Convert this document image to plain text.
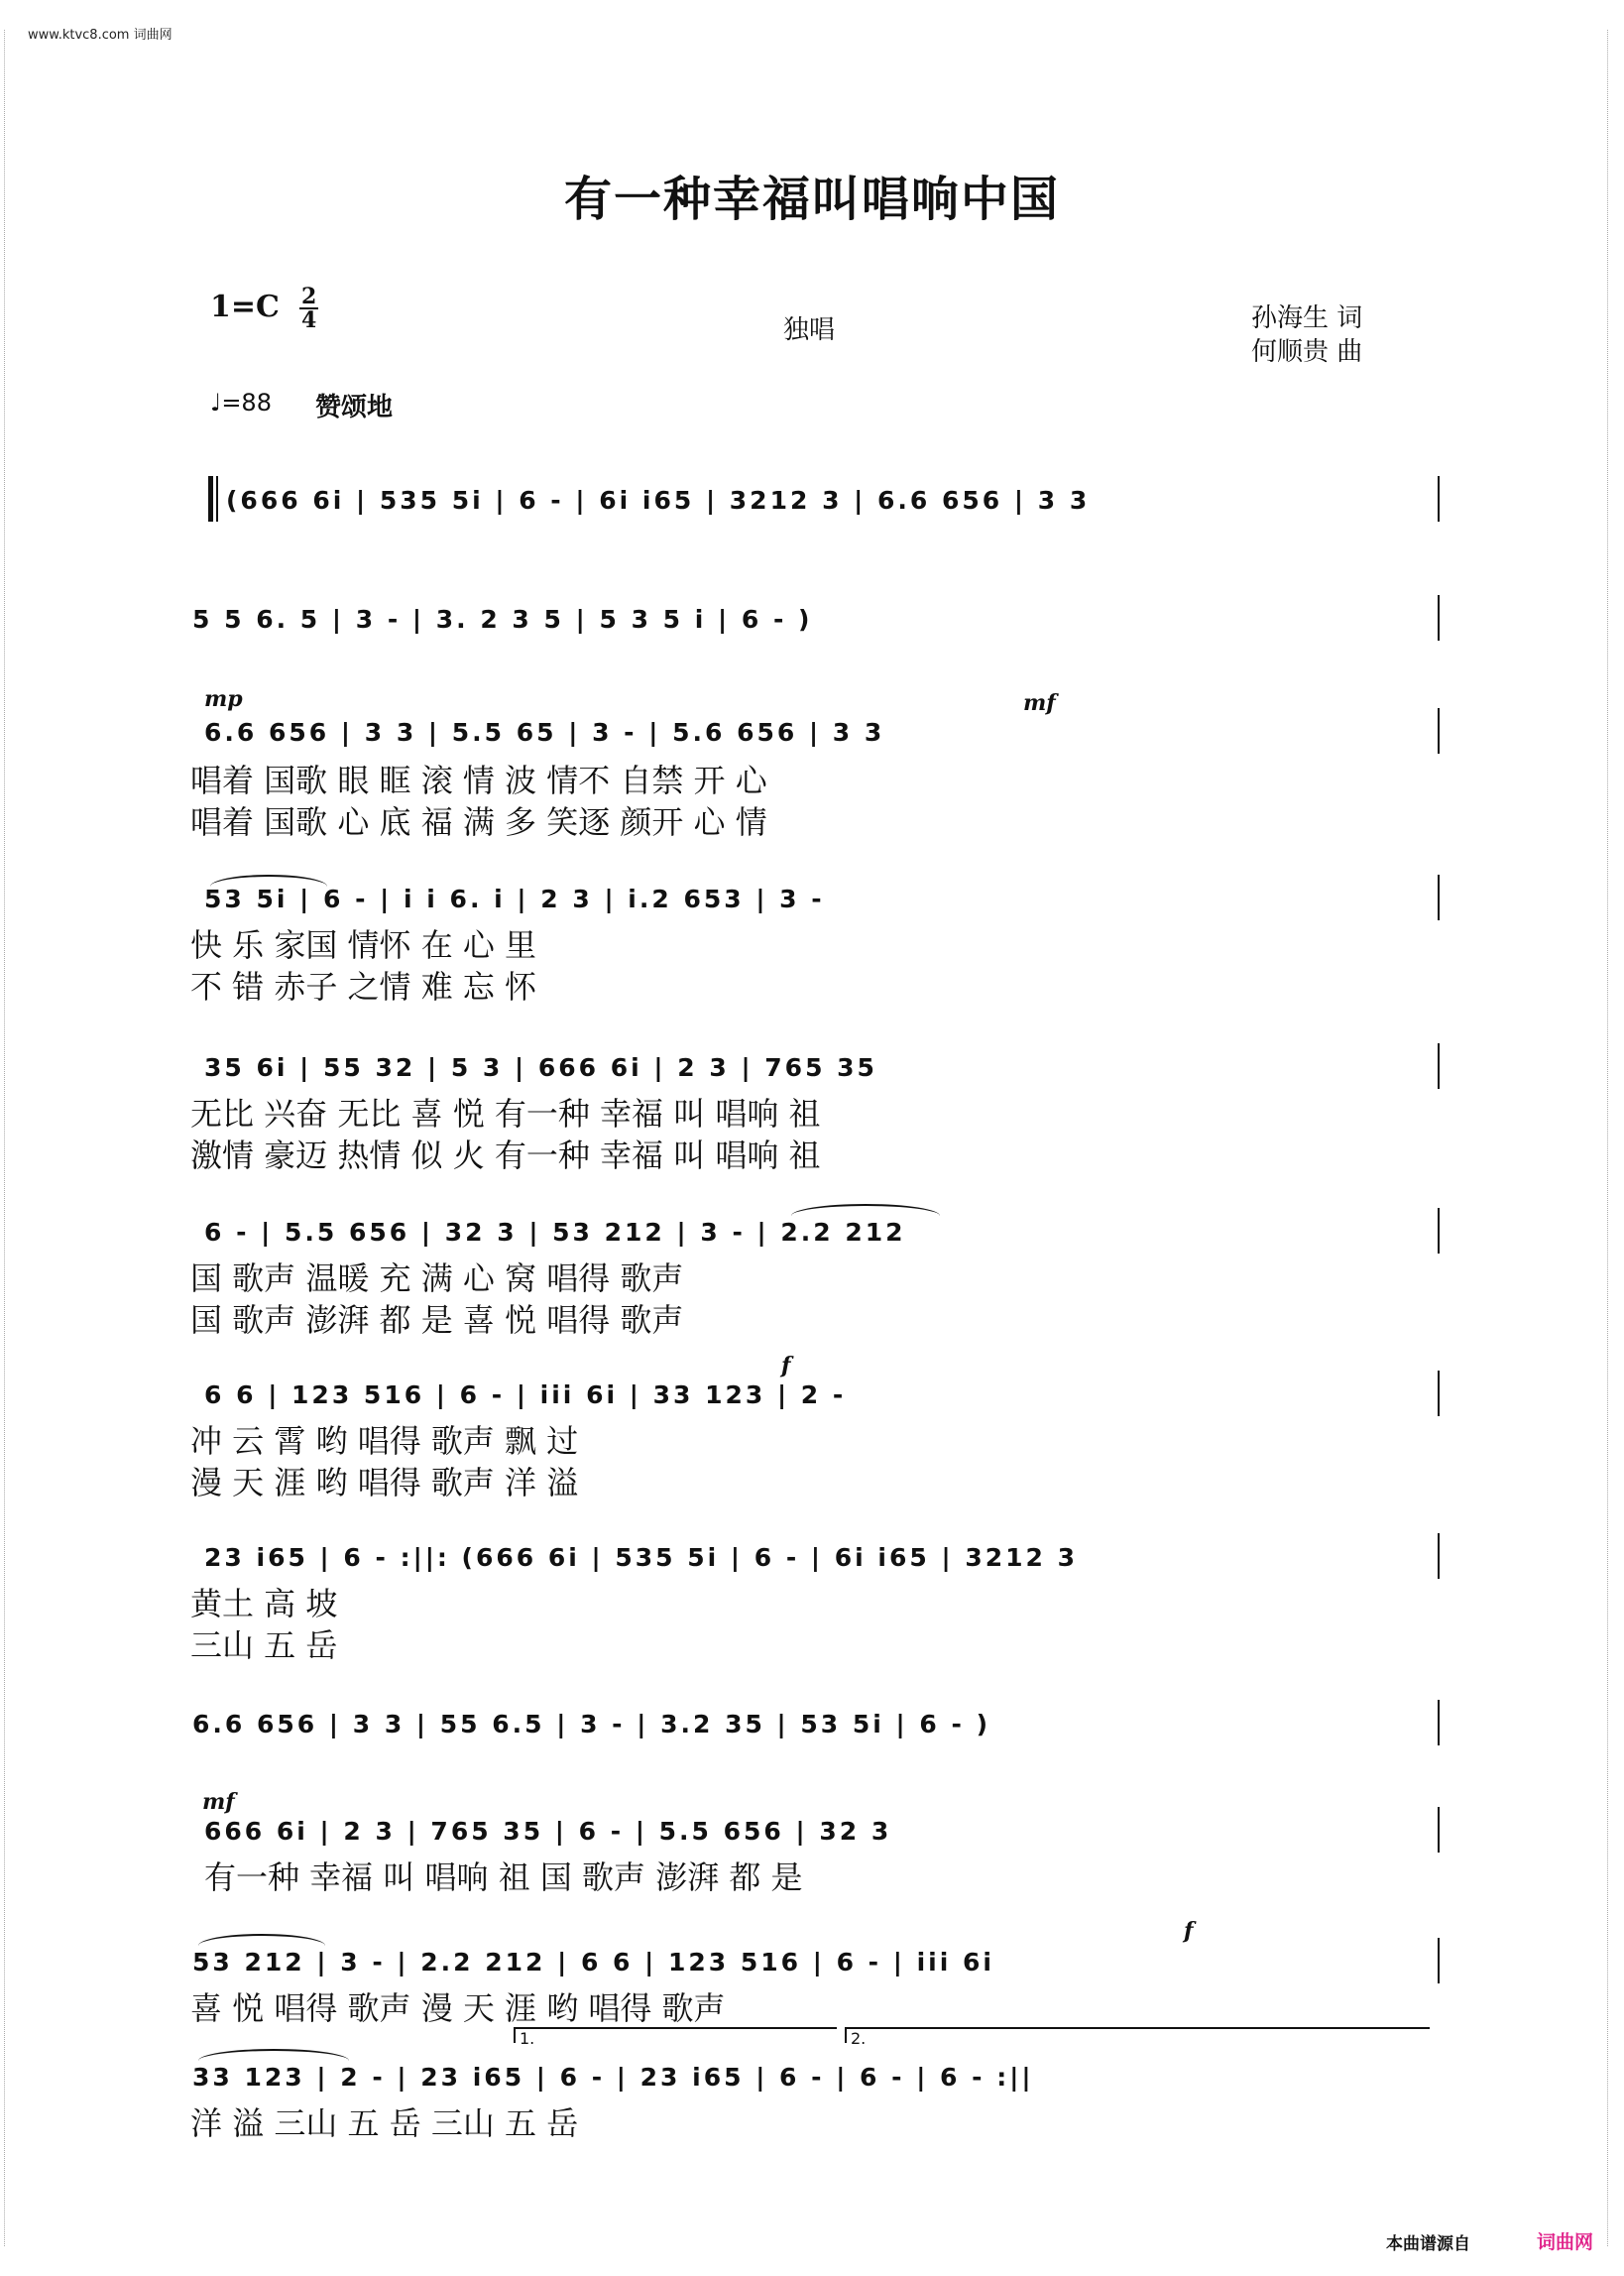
www.ktvc8.com 词曲网
有一种幸福叫唱响中国
1=C 2
4	独唱	孙海生 词
何顺贵 曲
♩=88 赞颂地
(666 6i | 535 5i | 6 - | 6i i65 | 3212 3 | 6.6 656 | 3 3
5 5 6. 5 | 3 - | 3. 2 3 5 | 5 3 5 i | 6 - )
mp	mf
6.6 656 | 3 3 | 5.5 65 | 3 - | 5.6 656 | 3 3
唱着 国歌 眼 眶 滚 情 波 情不 自禁 开 心
唱着 国歌 心 底 福 满 多 笑逐 颜开 心 情
53 5i | 6 - | i i 6. i | 2 3 | i.2 653 | 3 -
快 乐 家国 情怀 在 心 里
不 错 赤子 之情 难 忘 怀
35 6i | 55 32 | 5 3 | 666 6i | 2 3 | 765 35
无比 兴奋 无比 喜 悦 有一种 幸福 叫 唱响 祖
激情 豪迈 热情 似 火 有一种 幸福 叫 唱响 祖
6 - | 5.5 656 | 32 3 | 53 212 | 3 - | 2.2 212
国 歌声 温暖 充 满 心 窝 唱得 歌声
国 歌声 澎湃 都 是 喜 悦 唱得 歌声
f
6 6 | 123 516 | 6 - | iii 6i | 33 123 | 2 -
冲 云 霄 哟 唱得 歌声 飘 过
漫 天 涯 哟 唱得 歌声 洋 溢
23 i65 | 6 - :||: (666 6i | 535 5i | 6 - | 6i i65 | 3212 3
黄土 高 坡
三山 五 岳
6.6 656 | 3 3 | 55 6.5 | 3 - | 3.2 35 | 53 5i | 6 - )
mf
666 6i | 2 3 | 765 35 | 6 - | 5.5 656 | 32 3
有一种 幸福 叫 唱响 祖 国 歌声 澎湃 都 是
f
53 212 | 3 - | 2.2 212 | 6 6 | 123 516 | 6 - | iii 6i
喜 悦 唱得 歌声 漫 天 涯 哟 唱得 歌声
1.	2.
33 123 | 2 - | 23 i65 | 6 - | 23 i65 | 6 - | 6 - | 6 - :||
洋 溢 三山 五 岳 三山 五 岳
本曲谱源自	词曲网
